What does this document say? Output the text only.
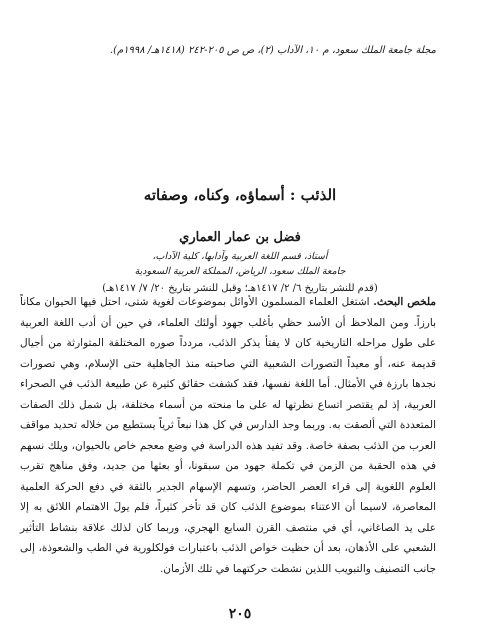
مجلة جامعة الملك سعود، م ١٠، الآداب (٢)، ص ص ٢٠٥-٢٤٢ (١٤١٨هـ/ ١٩٩٨م).
الذئب : أسماؤه، وكناه، وصفاته
فضل بن عمار العماري
أستاذ، قسم اللغة العربية وآدابها، كلية الآداب،
جامعة الملك سعود، الرياض، المملكة العربية السعودية
(قدم للنشر بتاريخ ٦/ ٢/ ١٤١٧هـ؛ وقبل للنشر بتاريخ ٢٠/ ٧/ ١٤١٧هـ)
ملخص البحث. اشتغل العلماء المسلمون الأوائل بموضوعات لغوية شتى، احتل فيها الحيوان مكاناً بارزاً. ومن الملاحظ أن الأسد حظي بأغلب جهود أولئك العلماء، في حين أن أدب اللغة العربية على طول مراحله التاريخية كان لا يفتأ يذكر الذئب، مردداً صوره المختلفة المتوارثة من أجيال قديمة عنه، أو معيداً التصورات الشعبية التي صاحبته منذ الجاهلية حتى الإسلام، وهي تصورات نجدها بارزة في الأمثال. أما اللغة نفسها، فقد كشفت حقائق كثيرة عن طبيعة الذئب في الصحراء العربية، إذ لم يقتصر اتساع نظرتها له على ما منحته من أسماء مختلفة، بل شمل ذلك الصفات المتعددة التي ألصقت به. وربما وجد الدارس في كل هذا نبعاً ثرياً يستطيع من خلاله تحديد مواقف العرب من الذئب بصفة خاصة. وقد تفيد هذه الدراسة في وضع معجم خاص بالحيوان، ويلك نسهم في هذه الحقبة من الزمن في تكملة جهود من سبقونا، أو بعثها من جديد، وفق مناهج تقرب العلوم اللغوية إلى قراء العصر الحاضر، وتسهم الإسهام الجدير بالثقة في دفع الحركة العلمية المعاصرة، لاسيما أن الاعتناء بموضوع الذئب كان قد تأخر كثيراً، فلم يولَ الاهتمام اللائق به إلا على يد الصاغاني، أي في منتصف القرن السابع الهجري، وربما كان لذلك علاقة بنشاط التأثير الشعبي على الأذهان، بعد أن حظيت خواص الذئب باعتبارات فولكلورية في الطب والشعوذة، إلى جانب التصنيف والتبويب اللذين نشطت حركتهما في تلك الأزمان.
٢٠٥
